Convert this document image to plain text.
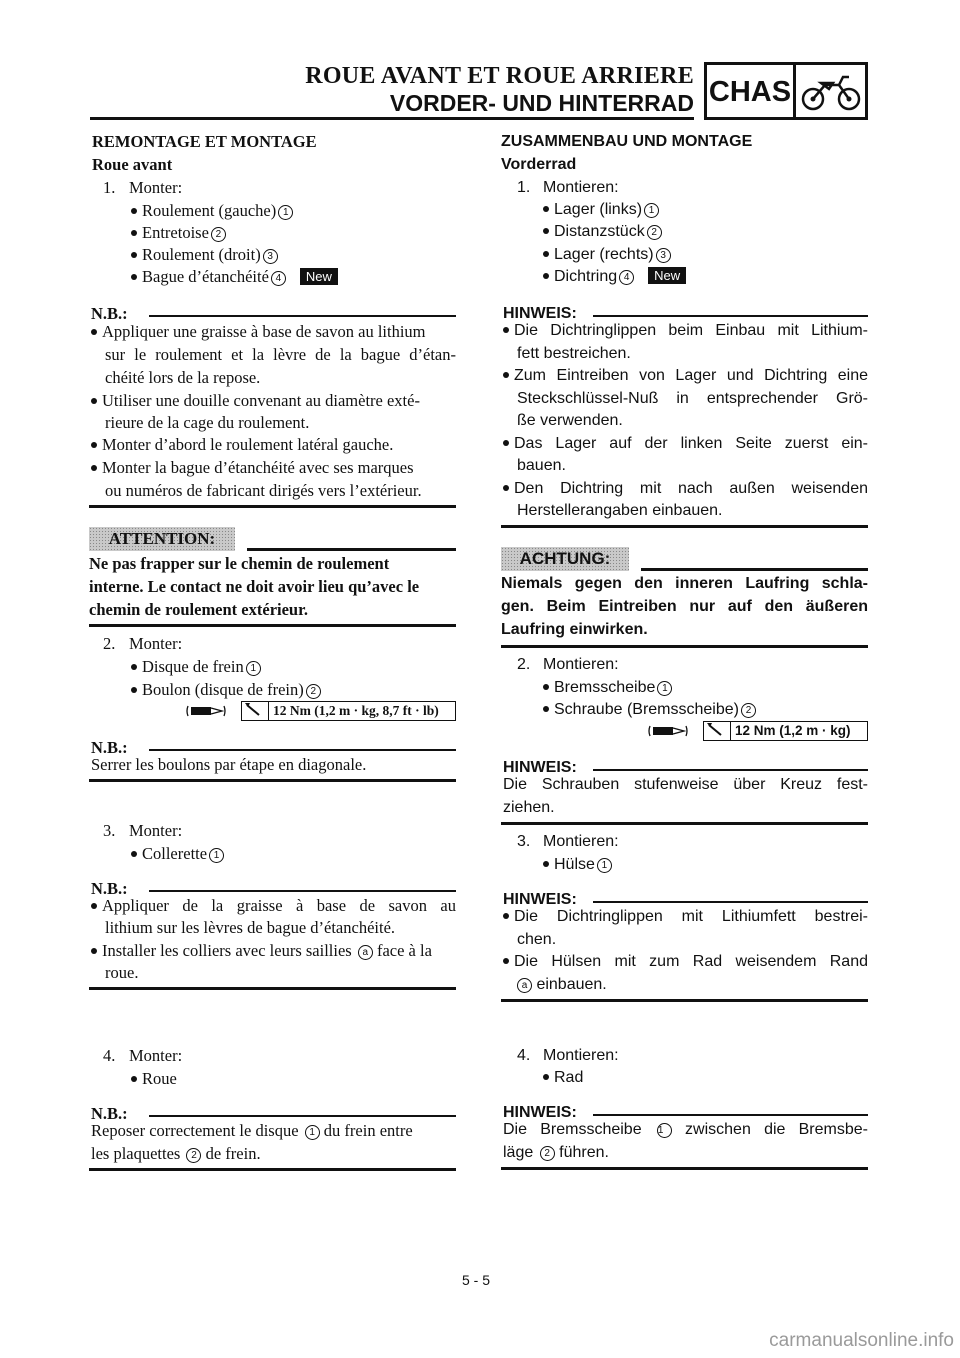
ROUE AVANT ET ROUE ARRIERE
VORDER- UND HINTERRAD CHAS
REMONTAGE ET MONTAGE
Roue avant
1. Monter:
Roulement (gauche) 1
Entretoise 2
Roulement (droit) 3
Bague d’étanchéité 4 New
N.B.:
Appliquer une graisse à base de savon au lithium
sur le roulement et la lèvre de la bague d’étan-
chéité lors de la repose.
Utiliser une douille convenant au diamètre exté-
rieure de la cage du roulement.
Monter d’abord le roulement latéral gauche.
Monter la bague d’étanchéité avec ses marques
ou numéros de fabricant dirigés vers l’extérieur.
ATTENTION:
Ne pas frapper sur le chemin de roulement
interne. Le contact ne doit avoir lieu qu’avec le
chemin de roulement extérieur.
2. Monter:
Disque de frein 1
Boulon (disque de frein) 2
12 Nm (1,2 m · kg, 8,7 ft · lb)
N.B.:
Serrer les boulons par étape en diagonale.
3. Monter:
Collerette 1
N.B.:
Appliquer de la graisse à base de savon au
lithium sur les lèvres de bague d’étanchéité.
Installer les colliers avec leurs saillies a face à la
roue.
4. Monter:
Roue
N.B.:
Reposer correctement le disque 1 du frein entre
les plaquettes 2 de frein.
ZUSAMMENBAU UND MONTAGE
Vorderrad
1. Montieren:
Lager (links) 1
Distanzstück 2
Lager (rechts) 3
Dichtring 4 New
HINWEIS:
Die Dichtringlippen beim Einbau mit Lithium-
fett bestreichen.
Zum Eintreiben von Lager und Dichtring eine
Steckschlüssel-Nuß in entsprechender Grö-
ße verwenden.
Das Lager auf der linken Seite zuerst ein-
bauen.
Den Dichtring mit nach außen weisenden
Herstellerangaben einbauen.
ACHTUNG:
Niemals gegen den inneren Laufring schla-
gen. Beim Eintreiben nur auf den äußeren
Laufring einwirken.
2. Montieren:
Bremsscheibe 1
Schraube (Bremsscheibe) 2
12 Nm (1,2 m · kg)
HINWEIS:
Die Schrauben stufenweise über Kreuz fest-
ziehen.
3. Montieren:
Hülse 1
HINWEIS:
Die Dichtringlippen mit Lithiumfett bestrei-
chen.
Die Hülsen mit zum Rad weisendem Rand
a einbauen.
4. Montieren:
Rad
HINWEIS:
Die Bremsscheibe 1 zwischen die Bremsbe-
läge 2 führen.
5 - 5
carmanualsonline.info
